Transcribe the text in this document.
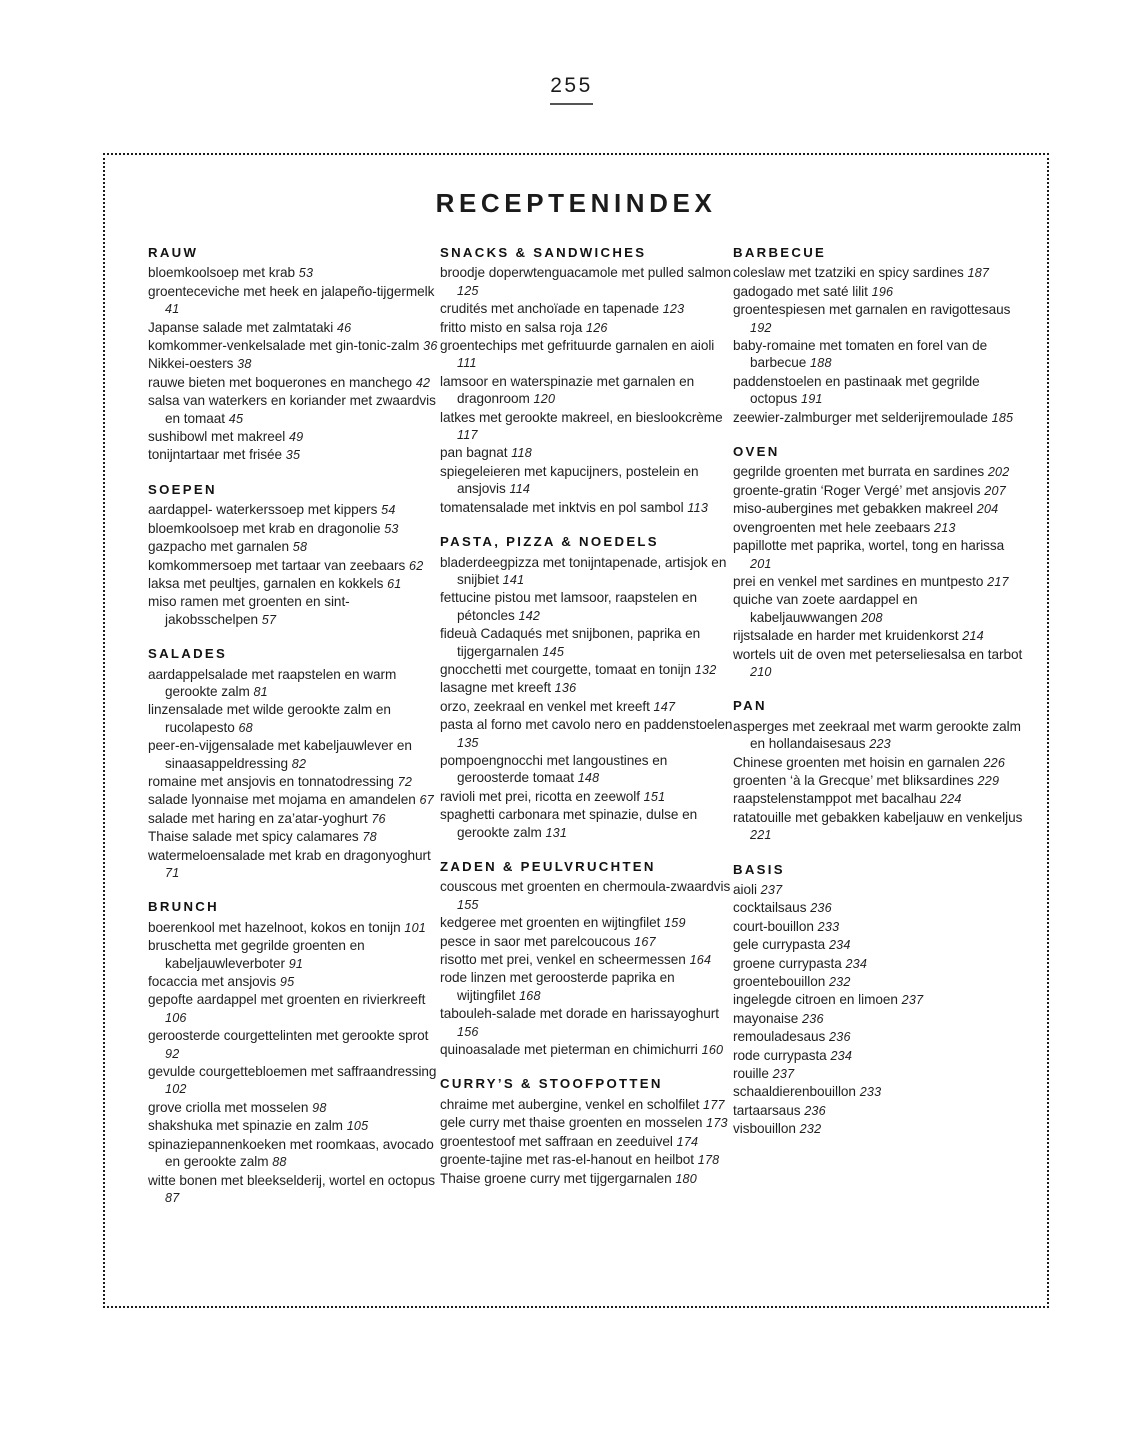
255
RECEPTENINDEX
RAUW
bloemkoolsoep met krab 53
groenteceviche met heek en jalapeño-tijgermelk 41
Japanse salade met zalmtataki 46
komkommer-venkelsalade met gin-tonic-zalm 36
Nikkei-oesters 38
rauwe bieten met boquerones en manchego 42
salsa van waterkers en koriander met zwaardvis en tomaat 45
sushibowl met makreel 49
tonijntartaar met frisée 35
SOEPEN
aardappel- waterkerssoep met kippers 54
bloemkoolsoep met krab en dragonolie 53
gazpacho met garnalen 58
komkommersoep met tartaar van zeebaars 62
laksa met peultjes, garnalen en kokkels 61
miso ramen met groenten en sint-jakobsschelpen 57
SALADES
aardappelsalade met raapstelen en warm gerookte zalm 81
linzensalade met wilde gerookte zalm en rucolapesto 68
peer-en-vijgensalade met kabeljauwlever en sinaasappeldressing 82
romaine met ansjovis en tonnatodressing 72
salade lyonnaise met mojama en amandelen 67
salade met haring en za’atar-yoghurt 76
Thaise salade met spicy calamares 78
watermeloensalade met krab en dragonyoghurt 71
BRUNCH
boerenkool met hazelnoot, kokos en tonijn 101
bruschetta met gegrilde groenten en kabeljauwleverboter 91
focaccia met ansjovis 95
gepofte aardappel met groenten en rivierkreeft 106
geroosterde courgettelinten met gerookte sprot 92
gevulde courgettebloemen met saffraandressing 102
grove criolla met mosselen 98
shakshuka met spinazie en zalm 105
spinaziepannenkoeken met roomkaas, avocado en gerookte zalm 88
witte bonen met bleekselderij, wortel en octopus 87
SNACKS & SANDWICHES
broodje doperwtenguacamole met pulled salmon 125
crudités met anchoïade en tapenade 123
fritto misto en salsa roja 126
groentechips met gefrituurde garnalen en aioli 111
lamsoor en waterspinazie met garnalen en dragonroom 120
latkes met gerookte makreel, en bieslookcrème 117
pan bagnat 118
spiegeleieren met kapucijners, postelein en ansjovis 114
tomatensalade met inktvis en pol sambol 113
PASTA, PIZZA & NOEDELS
bladerdeegpizza met tonijntapenade, artisjok en snijbiet 141
fettucine pistou met lamsoor, raapstelen en pétoncles 142
fideuà Cadaqués met snijbonen, paprika en tijgergarnalen 145
gnocchetti met courgette, tomaat en tonijn 132
lasagne met kreeft 136
orzo, zeekraal en venkel met kreeft 147
pasta al forno met cavolo nero en paddenstoelen 135
pompoengnocchi met langoustines en geroosterde tomaat 148
ravioli met prei, ricotta en zeewolf 151
spaghetti carbonara met spinazie, dulse en gerookte zalm 131
ZADEN & PEULVRUCHTEN
couscous met groenten en chermoula-zwaardvis 155
kedgeree met groenten en wijtingfilet 159
pesce in saor met parelcoucous 167
risotto met prei, venkel en scheermessen 164
rode linzen met geroosterde paprika en wijtingfilet 168
tabouleh-salade met dorade en harissayoghurt 156
quinoasalade met pieterman en chimichurri 160
CURRY’S & STOOFPOTTEN
chraime met aubergine, venkel en scholfilet 177
gele curry met thaise groenten en mosselen 173
groentestoof met saffraan en zeeduivel 174
groente-tajine met ras-el-hanout en heilbot 178
Thaise groene curry met tijgergarnalen 180
BARBECUE
coleslaw met tzatziki en spicy sardines 187
gadogado met saté lilit 196
groentespiesen met garnalen en ravigottesaus 192
baby-romaine met tomaten en forel van de barbecue 188
paddenstoelen en pastinaak met gegrilde octopus 191
zeewier-zalmburger met selderijremoulade 185
OVEN
gegrilde groenten met burrata en sardines 202
groente-gratin ‘Roger Vergé’ met ansjovis 207
miso-aubergines met gebakken makreel 204
ovengroenten met hele zeebaars 213
papillotte met paprika, wortel, tong en harissa 201
prei en venkel met sardines en muntpesto 217
quiche van zoete aardappel en kabeljauwwangen 208
rijstsalade en harder met kruidenkorst 214
wortels uit de oven met peterseliesalsa en tarbot 210
PAN
asperges met zeekraal met warm gerookte zalm en hollandaisesaus 223
Chinese groenten met hoisin en garnalen 226
groenten ‘à la Grecque’ met bliksardines 229
raapstelenstamppot met bacalhau 224
ratatouille met gebakken kabeljauw en venkeljus 221
BASIS
aioli 237
cocktailsaus 236
court-bouillon 233
gele currypasta 234
groene currypasta 234
groentebouillon 232
ingelegde citroen en limoen 237
mayonaise 236
remouladesaus 236
rode currypasta 234
rouille 237
schaaldierenbouillon 233
tartaarsaus 236
visbouillon 232
